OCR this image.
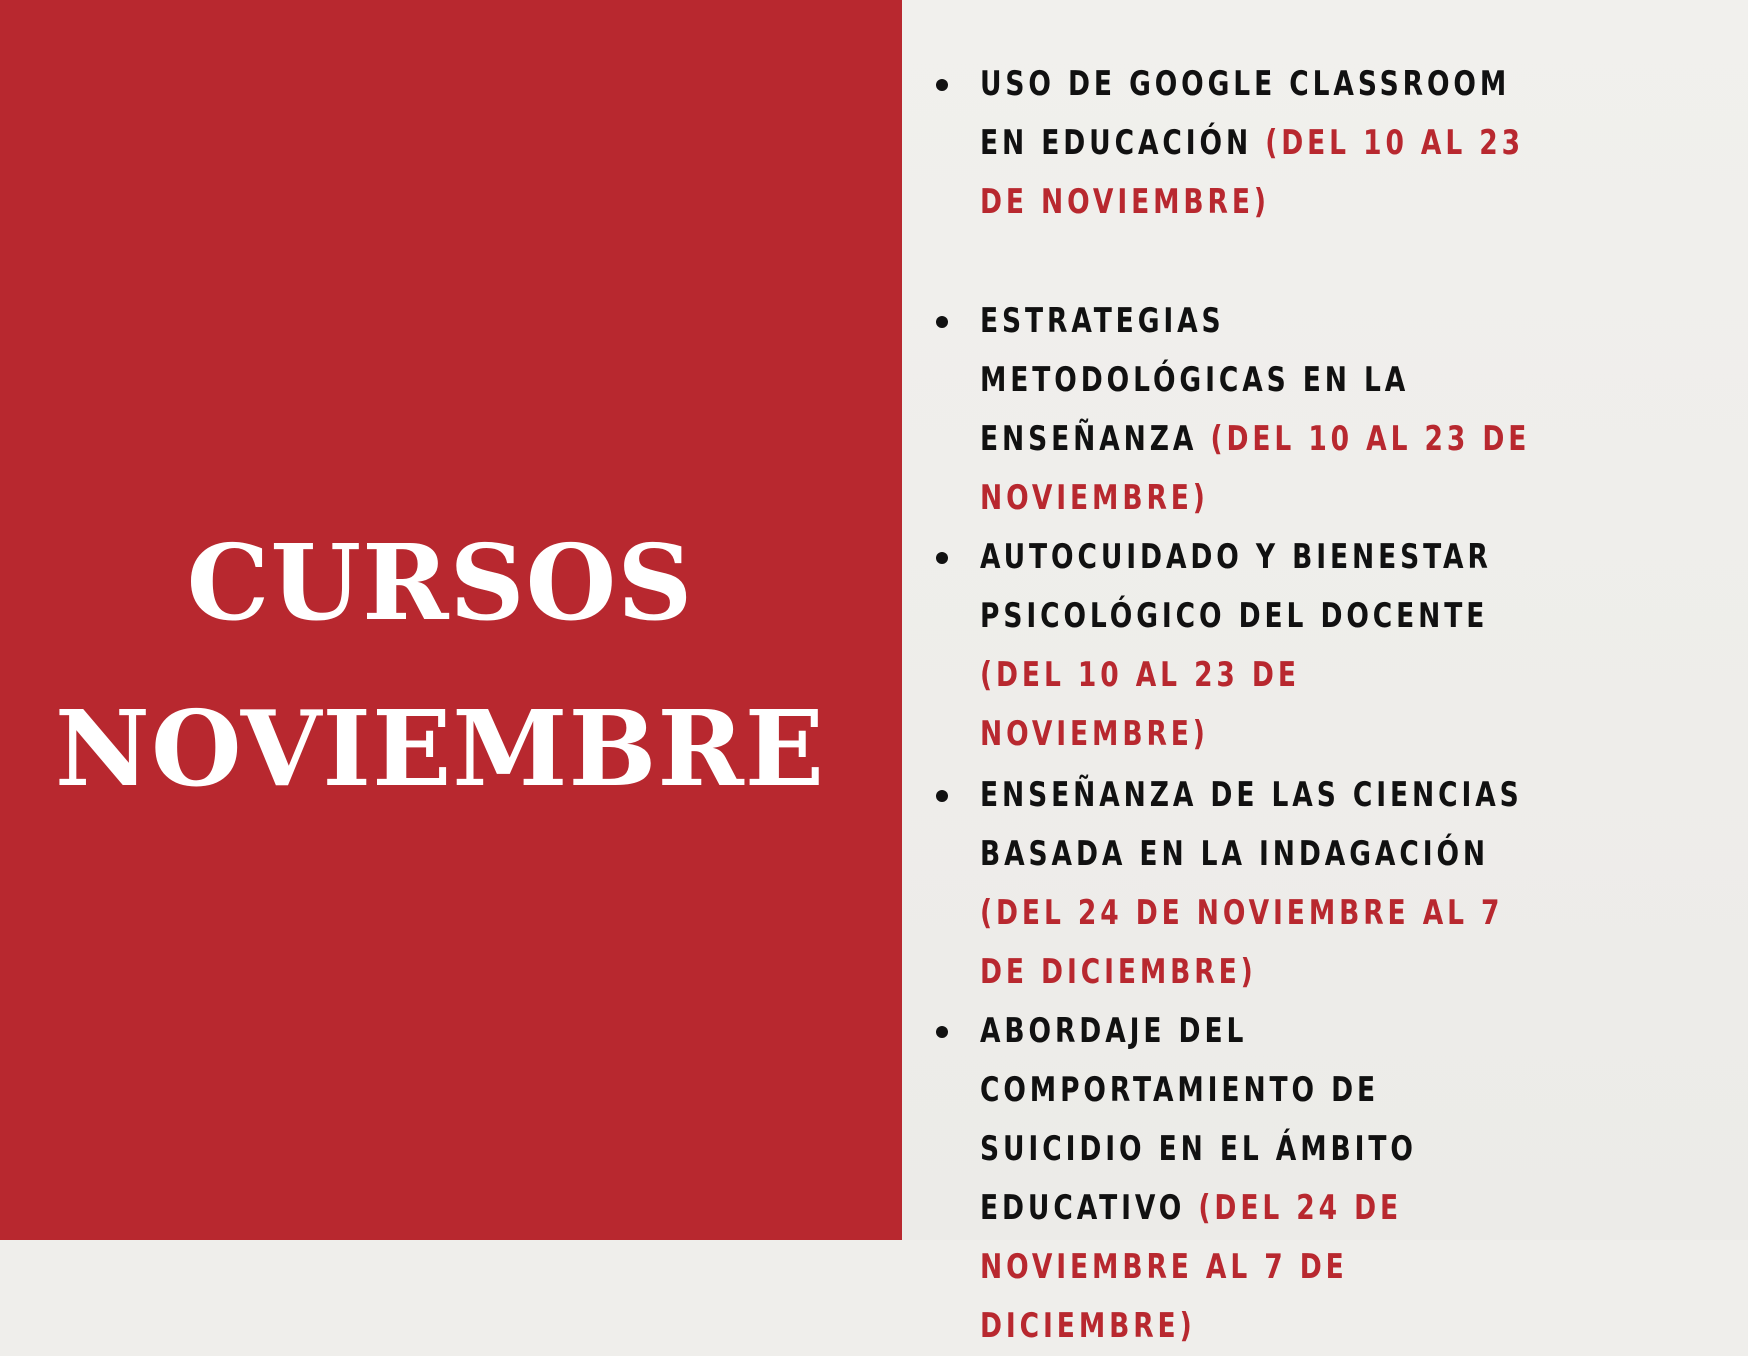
CURSOS
NOVIEMBRE
USO DE GOOGLE CLASSROOM EN EDUCACIÓN (DEL 10 AL 23 DE NOVIEMBRE)
ESTRATEGIAS METODOLÓGICAS EN LA ENSEÑANZA (DEL 10 AL 23 DE NOVIEMBRE)
AUTOCUIDADO Y BIENESTAR PSICOLÓGICO DEL DOCENTE (DEL 10 AL 23 DE NOVIEMBRE)
ENSEÑANZA DE LAS CIENCIAS BASADA EN LA INDAGACIÓN (DEL 24 DE NOVIEMBRE AL 7 DE DICIEMBRE)
ABORDAJE DEL COMPORTAMIENTO DE SUICIDIO EN EL ÁMBITO EDUCATIVO (DEL 24 DE NOVIEMBRE AL 7 DE DICIEMBRE)
